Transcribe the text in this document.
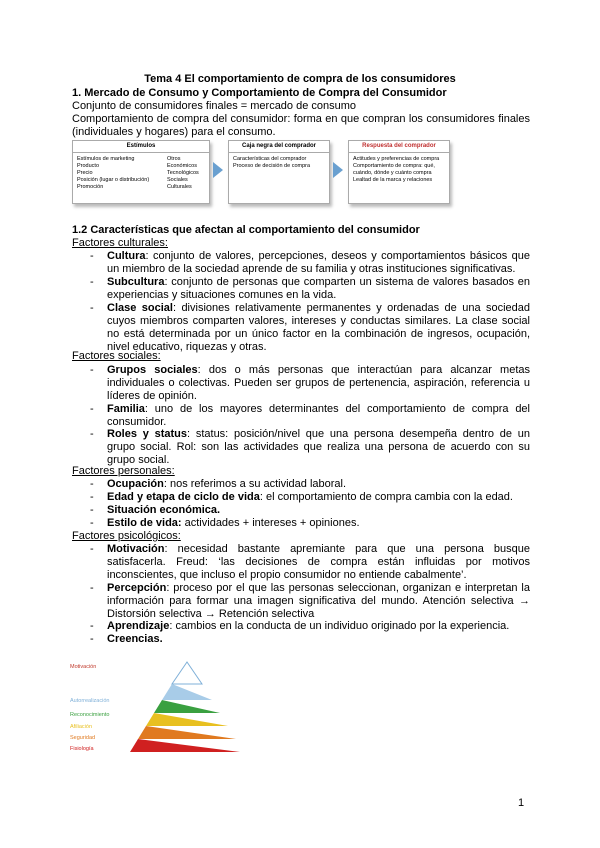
Tema 4 El comportamiento de compra de los consumidores
1. Mercado de Consumo y Comportamiento de Compra del Consumidor
Conjunto de consumidores finales = mercado de consumo
Comportamiento de compra del consumidor: forma en que compran los consumidores finales (individuales y hogares) para el consumo.
Estímulos
Estímulos de marketing
Producto
Precio
Posición (lugar o distribución)
Promoción
Otros
Económicos
Tecnológicos
Sociales
Culturales
Caja negra del comprador
Características del comprador
Proceso de decisión de compra
Respuesta del comprador
Actitudes y preferencias de compra
Comportamiento de compra: qué,
cuándo, dónde y cuánto compra
Lealtad de la marca y relaciones
1.2 Características que afectan al comportamiento del consumidor
Factores culturales:
- Cultura: conjunto de valores, percepciones, deseos y comportamientos básicos que un miembro de la sociedad aprende de su familia y otras instituciones significativas.
- Subcultura: conjunto de personas que comparten un sistema de valores basados en experiencias y situaciones comunes en la vida.
- Clase social: divisiones relativamente permanentes y ordenadas de una sociedad cuyos miembros comparten valores, intereses y conductas similares. La clase social no está determinada por un único factor en la combinación de ingresos, ocupación, nivel educativo, riquezas y otras.
Factores sociales:
- Grupos sociales: dos o más personas que interactúan para alcanzar metas individuales o colectivas. Pueden ser grupos de pertenencia, aspiración, referencia u líderes de opinión.
- Familia: uno de los mayores determinantes del comportamiento de compra del consumidor.
- Roles y status: status: posición/nivel que una persona desempeña dentro de un grupo social. Rol: son las actividades que realiza una persona de acuerdo con su grupo social.
Factores personales:
- Ocupación: nos referimos a su actividad laboral.
- Edad y etapa de ciclo de vida: el comportamiento de compra cambia con la edad.
- Situación económica.
- Estilo de vida: actividades + intereses + opiniones.
Factores psicológicos:
- Motivación: necesidad bastante apremiante para que una persona busque satisfacerla. Freud: ‘las decisiones de compra están influidas por motivos inconscientes, que incluso el propio consumidor no entiende cabalmente’.
- Percepción: proceso por el que las personas seleccionan, organizan e interpretan la información para formar una imagen significativa del mundo. Atención selectiva → Distorsión selectiva → Retención selectiva
- Aprendizaje: cambios en la conducta de un individuo originado por la experiencia.
- Creencias.
Motivación
Autorrealización
Reconocimiento
Afiliación
Seguridad
Fisiología
1
